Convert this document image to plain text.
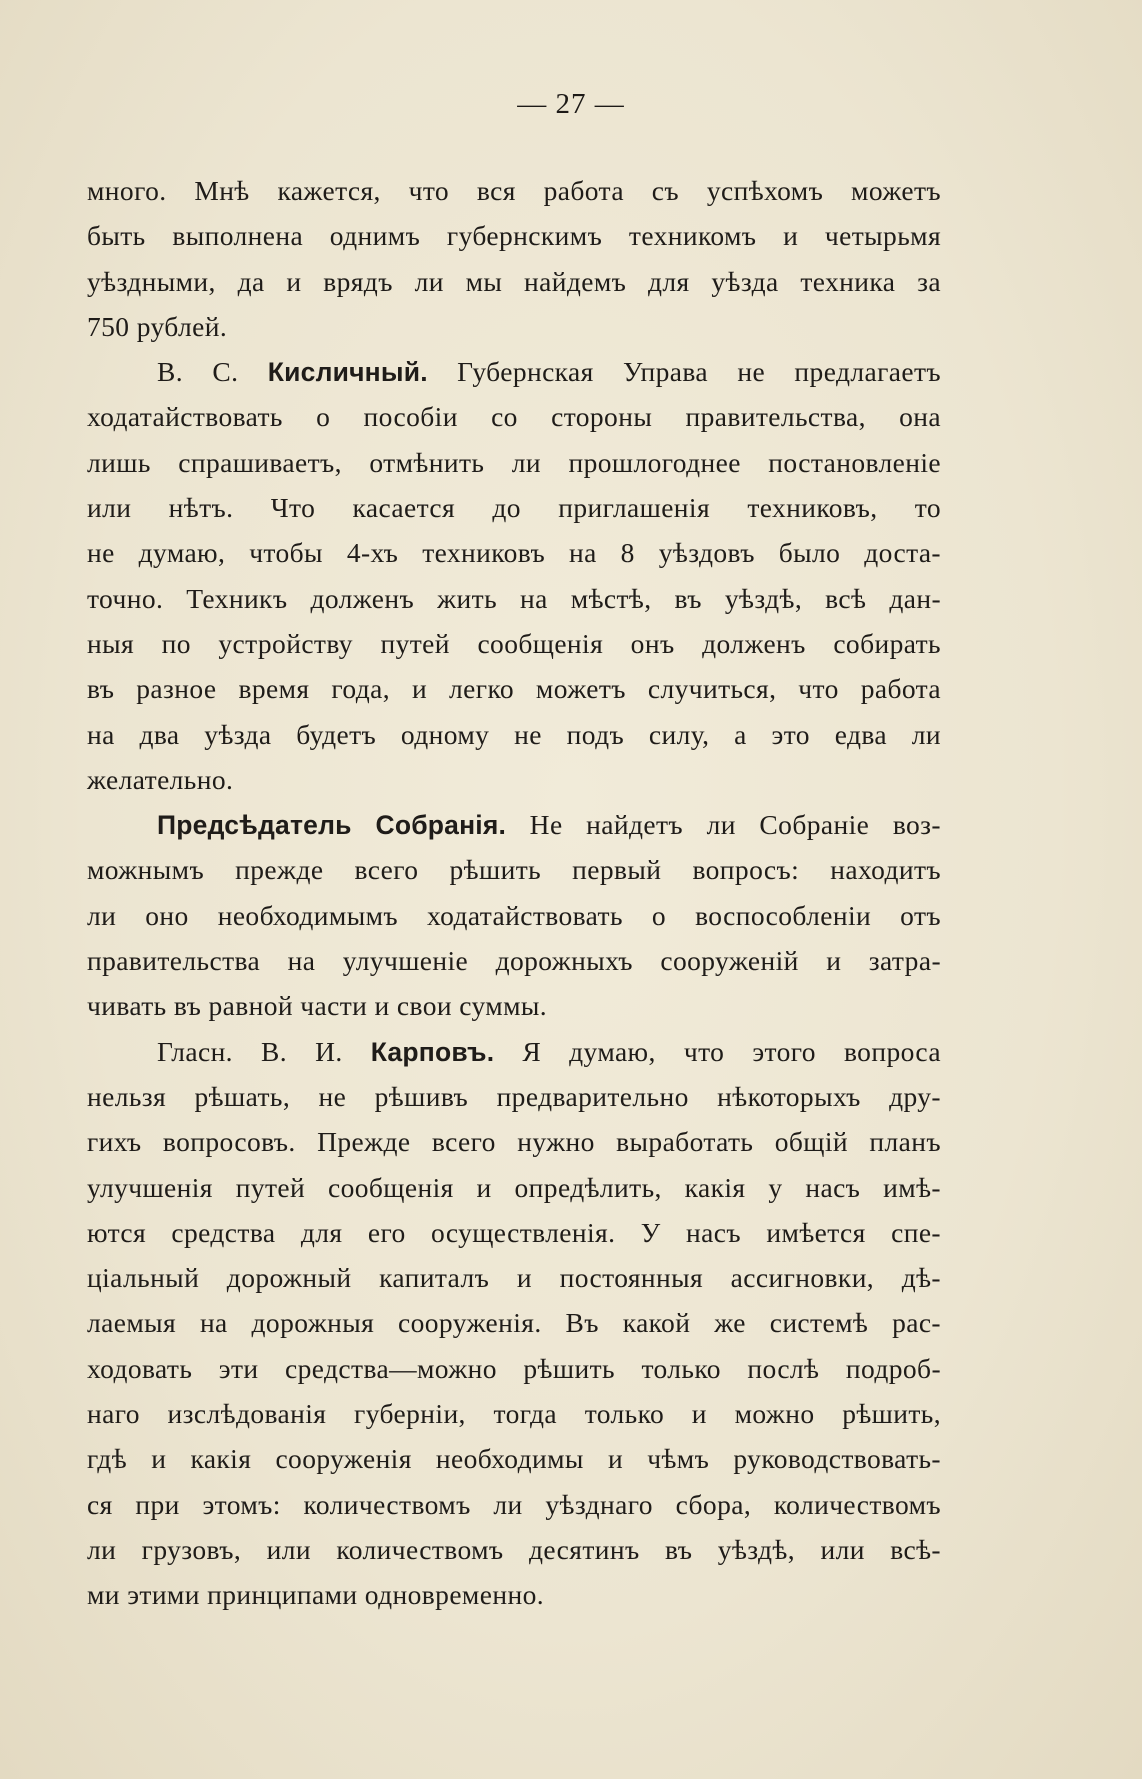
— 27 —
много. Мнѣ кажется, что вся работа съ успѣхомъ можетъ
быть выполнена однимъ губернскимъ техникомъ и четырьмя
уѣздными, да и врядъ ли мы найдемъ для уѣзда техника за
750 рублей.
В. С. Кисличный. Губернская Управа не предлагаетъ
ходатайствовать о пособіи со стороны правительства, она
лишь спрашиваетъ, отмѣнить ли прошлогоднее постановленіе
или нѣтъ. Что касается до приглашенія техниковъ, то
не думаю, чтобы 4-хъ техниковъ на 8 уѣздовъ было доста-
точно. Техникъ долженъ жить на мѣстѣ, въ уѣздѣ, всѣ дан-
ныя по устройству путей сообщенія онъ долженъ собирать
въ разное время года, и легко можетъ случиться, что работа
на два уѣзда будетъ одному не подъ силу, а это едва ли
желательно.
Предсѣдатель Собранія. Не найдетъ ли Собраніе воз-
можнымъ прежде всего рѣшить первый вопросъ: находитъ
ли оно необходимымъ ходатайствовать о воспособленіи отъ
правительства на улучшеніе дорожныхъ сооруженій и затра-
чивать въ равной части и свои суммы.
Гласн. В. И. Карповъ. Я думаю, что этого вопроса
нельзя рѣшать, не рѣшивъ предварительно нѣкоторыхъ дру-
гихъ вопросовъ. Прежде всего нужно выработать общій планъ
улучшенія путей сообщенія и опредѣлить, какія у насъ имѣ-
ются средства для его осуществленія. У насъ имѣется спе-
ціальный дорожный капиталъ и постоянныя ассигновки, дѣ-
лаемыя на дорожныя сооруженія. Въ какой же системѣ рас-
ходовать эти средства—можно рѣшить только послѣ подроб-
наго изслѣдованія губерніи, тогда только и можно рѣшить,
гдѣ и какія сооруженія необходимы и чѣмъ руководствовать-
ся при этомъ: количествомъ ли уѣзднаго сбора, количествомъ
ли грузовъ, или количествомъ десятинъ въ уѣздѣ, или всѣ-
ми этими принципами одновременно.
